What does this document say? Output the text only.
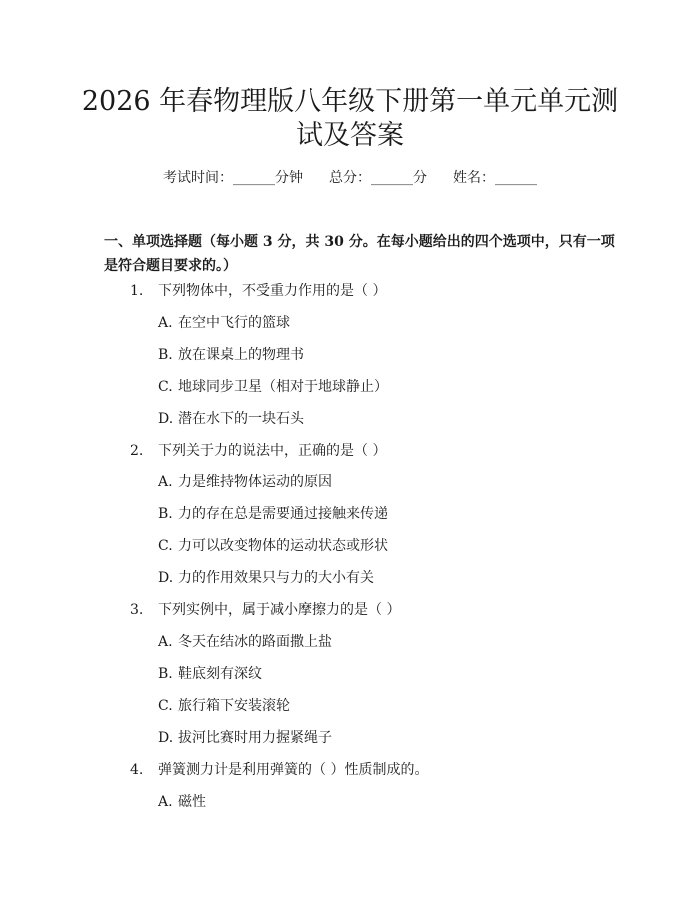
2026 年春物理版八年级下册第一单元单元测
试及答案
考试时间：______分钟 总分：______分 姓名：______
一、单项选择题（每小题 3 分，共 30 分。在每小题给出的四个选项中，只有一项
是符合题目要求的。）
1. 下列物体中，不受重力作用的是（ ）
A. 在空中飞行的篮球
B. 放在课桌上的物理书
C. 地球同步卫星（相对于地球静止）
D. 潜在水下的一块石头
2. 下列关于力的说法中，正确的是（ ）
A. 力是维持物体运动的原因
B. 力的存在总是需要通过接触来传递
C. 力可以改变物体的运动状态或形状
D. 力的作用效果只与力的大小有关
3. 下列实例中，属于减小摩擦力的是（ ）
A. 冬天在结冰的路面撒上盐
B. 鞋底刻有深纹
C. 旅行箱下安装滚轮
D. 拔河比赛时用力握紧绳子
4. 弹簧测力计是利用弹簧的（ ）性质制成的。
A. 磁性
